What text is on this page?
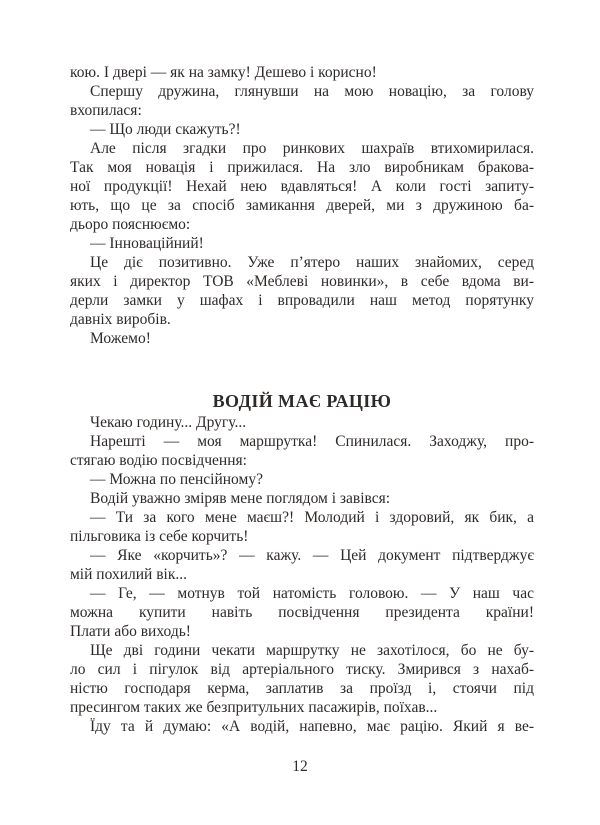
кою. І двері — як на замку! Дешево і корисно!
Спершу дружина, глянувши на мою новацію, за голову
вхопилася:
— Що люди скажуть?!
Але після згадки про ринкових шахраїв втихомирилася.
Так моя новація і прижилася. На зло виробникам бракова-
ної продукції! Нехай нею вдавляться! А коли гості запиту-
ють, що це за спосіб замикання дверей, ми з дружиною ба-
дьоро пояснюємо:
— Інноваційний!
Це діє позитивно. Уже п’ятеро наших знайомих, серед
яких і директор ТОВ «Меблеві новинки», в себе вдома ви-
дерли замки у шафах і впровадили наш метод порятунку
давніх виробів.
Можемо!
ВОДІЙ МАЄ РАЦІЮ
Чекаю годину... Другу...
Нарешті — моя маршрутка! Спинилася. Заходжу, про-
стягаю водію посвідчення:
— Можна по пенсійному?
Водій уважно зміряв мене поглядом і завівся:
— Ти за кого мене маєш?! Молодий і здоровий, як бик, а
пільговика із себе корчить!
— Яке «корчить»? — кажу. — Цей документ підтверджує
мій похилий вік...
— Ге, — мотнув той натомість головою. — У наш час
можна купити навіть посвідчення президента країни!
Плати або виходь!
Ще дві години чекати маршрутку не захотілося, бо не бу-
ло сил і пігулок від артеріального тиску. Змирився з нахаб-
ністю господаря керма, заплатив за проїзд і, стоячи під
пресингом таких же безпритульних пасажирів, поїхав...
Їду та й думаю: «А водій, напевно, має рацію. Який я ве-
12
